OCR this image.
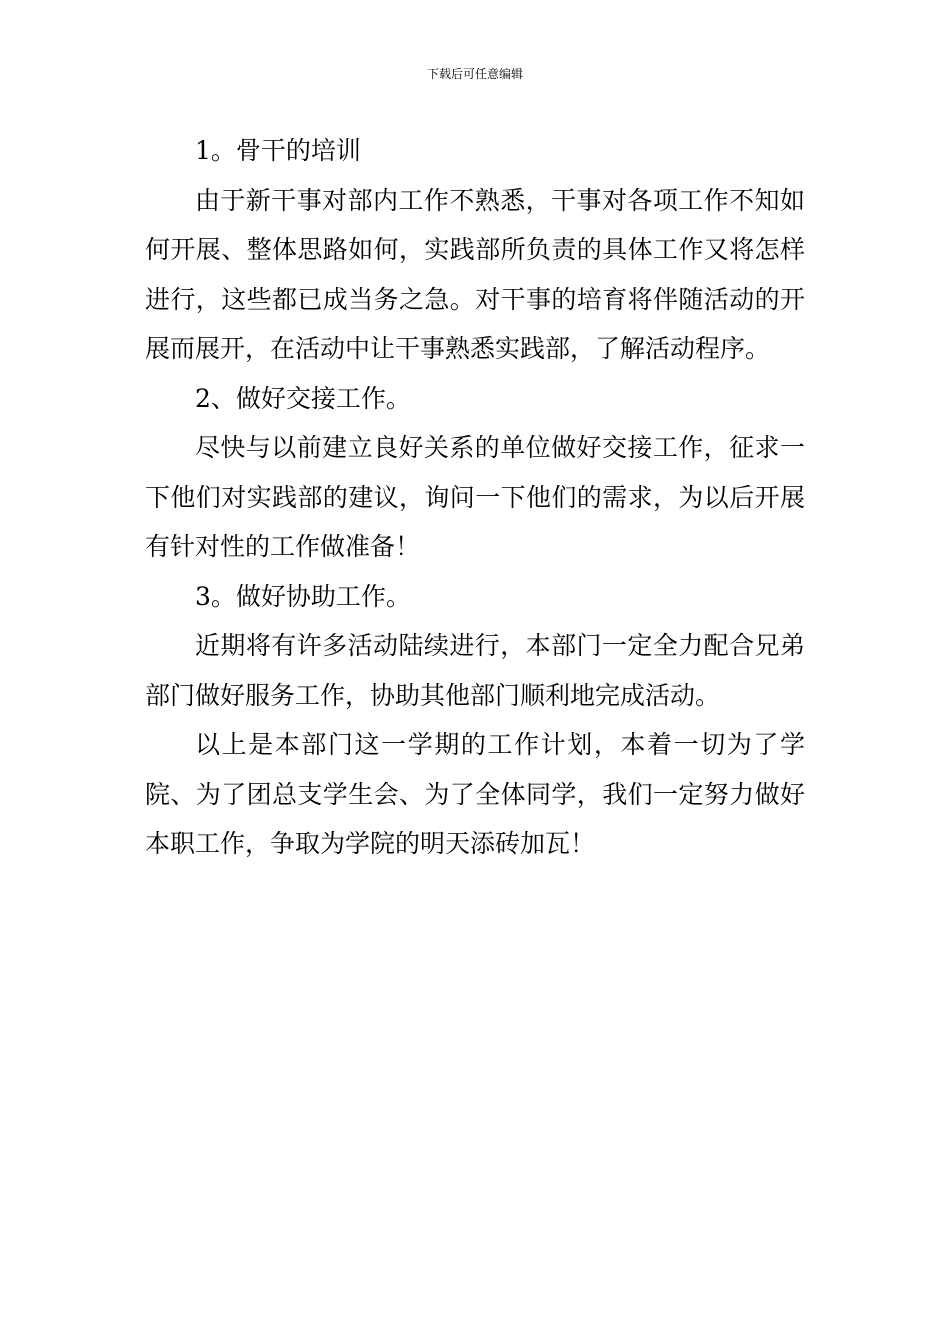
下载后可任意编辑

1。骨干的培训

由于新干事对部内工作不熟悉，干事对各项工作不知如何开展、整体思路如何，实践部所负责的具体工作又将怎样进行，这些都已成当务之急。对干事的培育将伴随活动的开展而展开，在活动中让干事熟悉实践部，了解活动程序。

2、做好交接工作。

尽快与以前建立良好关系的单位做好交接工作，征求一下他们对实践部的建议，询问一下他们的需求，为以后开展有针对性的工作做准备！

3。做好协助工作。

近期将有许多活动陆续进行，本部门一定全力配合兄弟部门做好服务工作，协助其他部门顺利地完成活动。

以上是本部门这一学期的工作计划，本着一切为了学院、为了团总支学生会、为了全体同学，我们一定努力做好本职工作，争取为学院的明天添砖加瓦！
